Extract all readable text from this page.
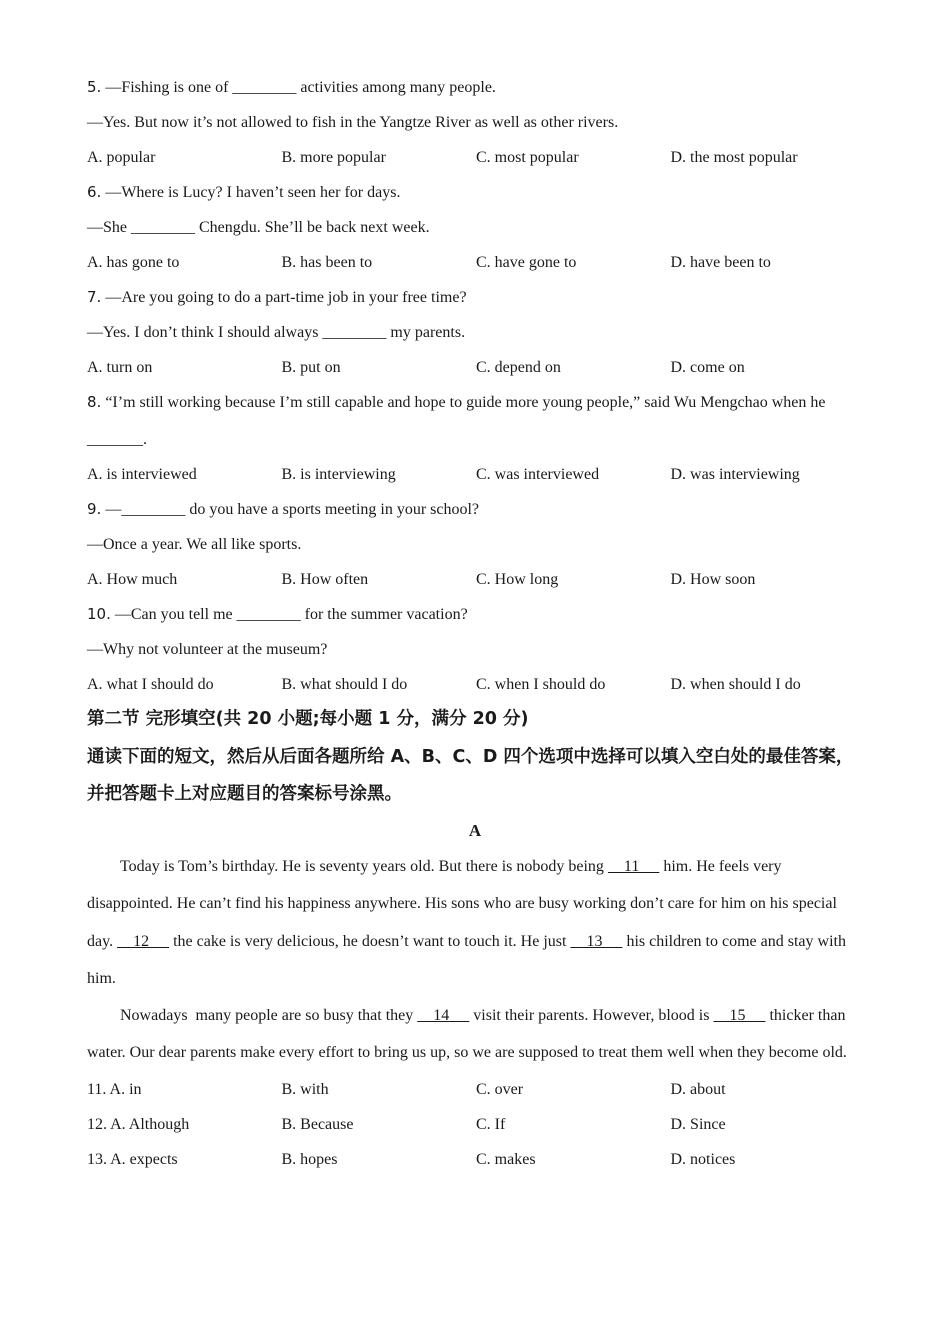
5. —Fishing is one of ________ activities among many people.
—Yes. But now it’s not allowed to fish in the Yangtze River as well as other rivers.
A. popular	B. more popular	C. most popular	D. the most popular
6. —Where is Lucy? I haven’t seen her for days.
—She ________ Chengdu. She’ll be back next week.
A. has gone to	B. has been to	C. have gone to	D. have been to
7. —Are you going to do a part-time job in your free time?
—Yes. I don’t think I should always ________ my parents.
A. turn on	B. put on	C. depend on	D. come on
8. “I’m still working because I’m still capable and hope to guide more young people,” said Wu Mengchao when he
_______.
A. is interviewed	B. is interviewing	C. was interviewed	D. was interviewing
9. —________ do you have a sports meeting in your school?
—Once a year. We all like sports.
A. How much	B. How often	C. How long	D. How soon
10. —Can you tell me ________ for the summer vacation?
—Why not volunteer at the museum?
A. what I should do	B. what should I do	C. when I should do	D. when should I do
第二节 完形填空(共 20 小题;每小题 1 分，满分 20 分)
通读下面的短文，然后从后面各题所给 A、B、C、D 四个选项中选择可以填入空白处的最佳答案，并把答题卡上对应题目的答案标号涂黑。
A

Today is Tom’s birthday. He is seventy years old. But there is nobody being     11      him. He feels very disappointed. He can’t find his happiness anywhere. His sons who are busy working don’t care for him on his special day.     12      the cake is very delicious, he doesn’t want to touch it. He just     13      his children to come and stay with him.

Nowadays  many people are so busy that they     14      visit their parents. However, blood is     15      thicker than water. Our dear parents make every effort to bring us up, so we are supposed to treat them well when they become old.

11. A. in	B. with	C. over	D. about
12. A. Although	B. Because	C. If	D. Since
13. A. expects	B. hopes	C. makes	D. notices
